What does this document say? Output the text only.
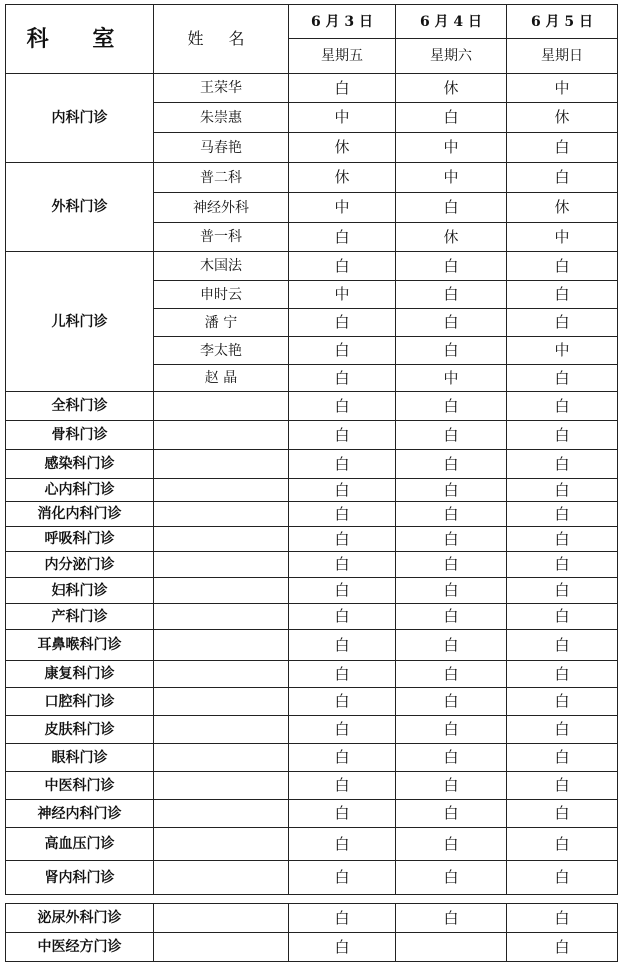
科 室	姓 名	6 月 3 日	6 月 4 日	6 月 5 日
		星期五	星期六	星期日
内科门诊	王荣华	白	休	中
	朱崇惠	中	白	休
	马春艳	休	中	白
外科门诊	普二科	休	中	白
	神经外科	中	白	休
	普一科	白	休	中
儿科门诊	木国法	白	白	白
	申时云	中	白	白
	潘 宁	白	白	白
	李太艳	白	白	中
	赵 晶	白	中	白
全科门诊		白	白	白
骨科门诊		白	白	白
感染科门诊		白	白	白
心内科门诊		白	白	白
消化内科门诊		白	白	白
呼吸科门诊		白	白	白
内分泌门诊		白	白	白
妇科门诊		白	白	白
产科门诊		白	白	白
耳鼻喉科门诊		白	白	白
康复科门诊		白	白	白
口腔科门诊		白	白	白
皮肤科门诊		白	白	白
眼科门诊		白	白	白
中医科门诊		白	白	白
神经内科门诊		白	白	白
高血压门诊		白	白	白
肾内科门诊		白	白	白
泌尿外科门诊		白	白	白
中医经方门诊		白		白
